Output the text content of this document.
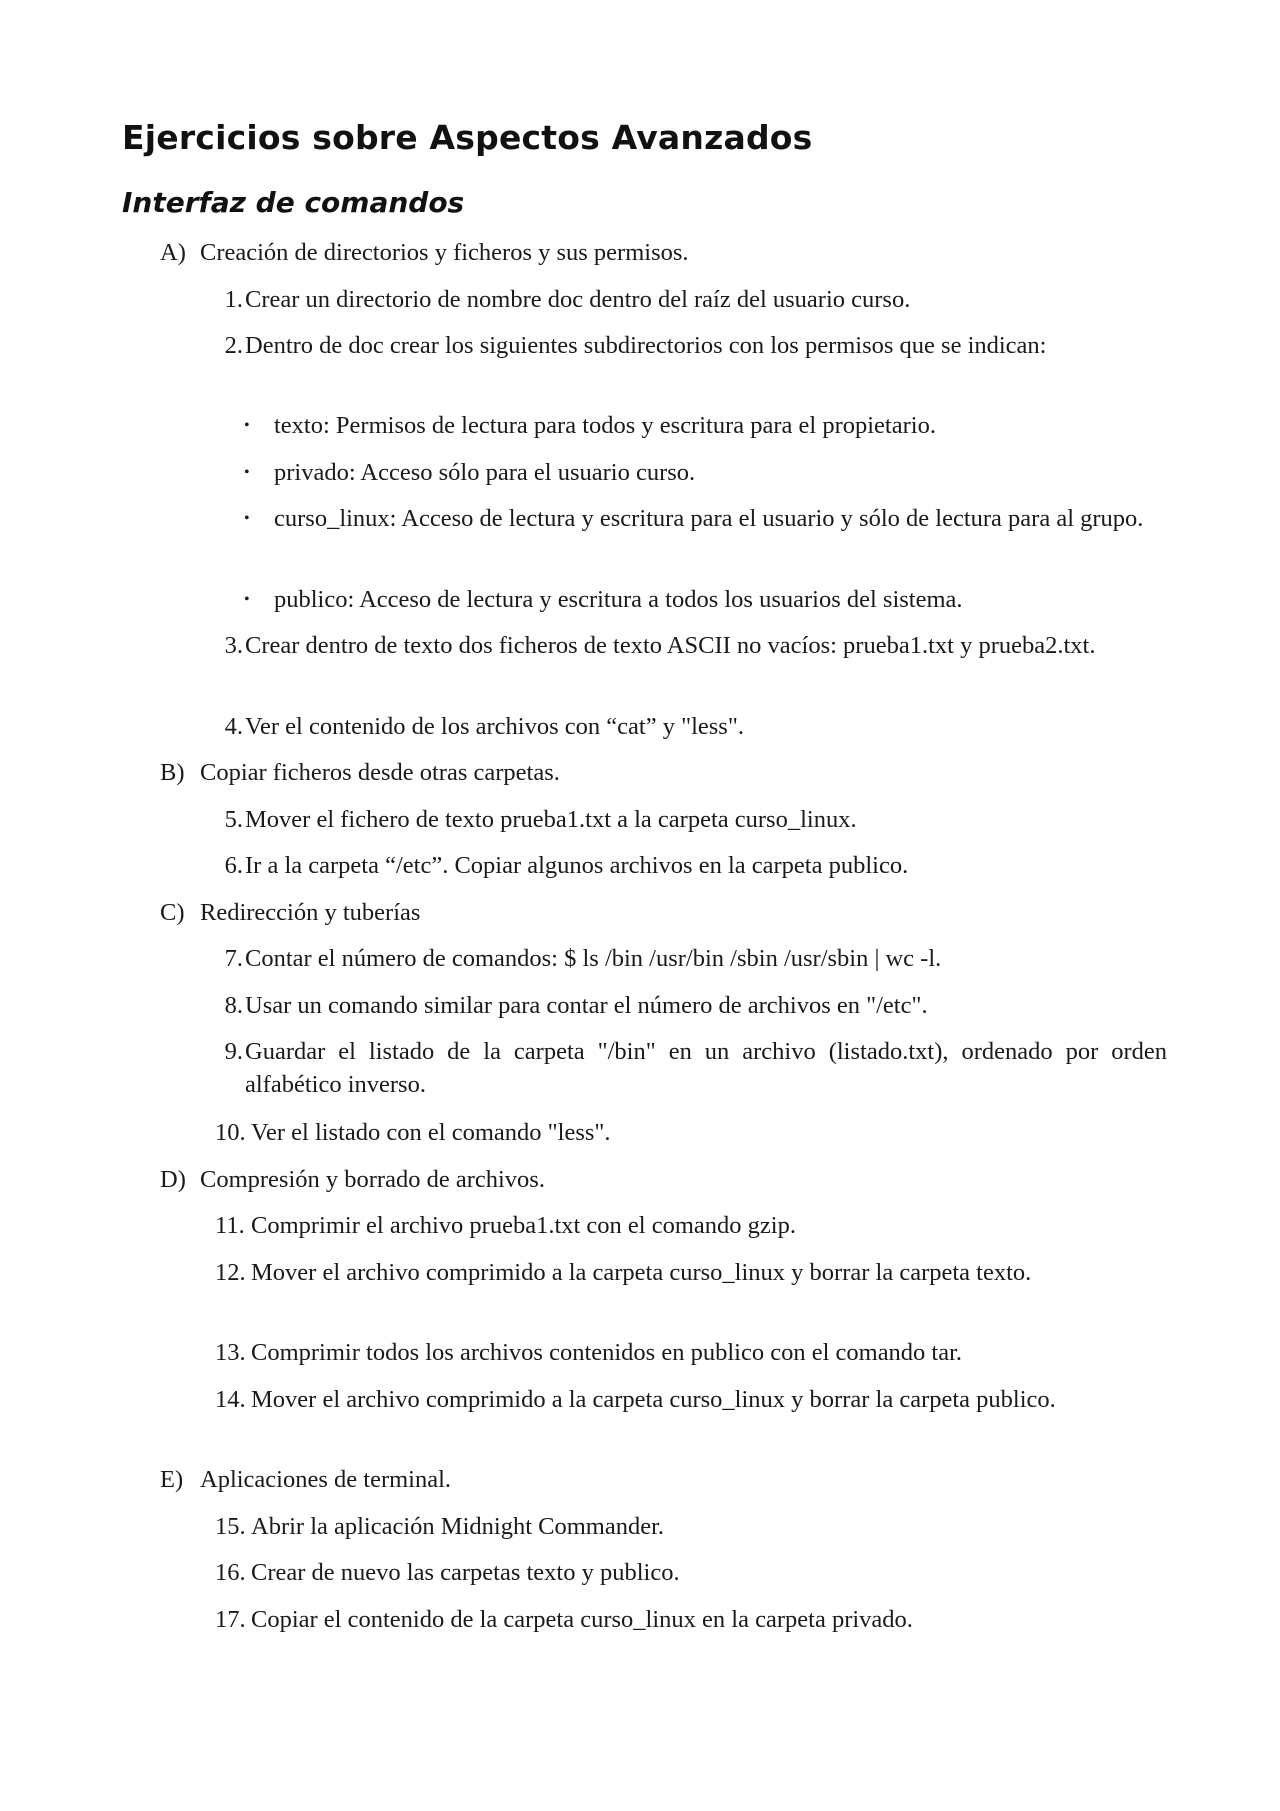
Ejercicios sobre Aspectos Avanzados
Interfaz de comandos
A) Creación de directorios y ficheros y sus permisos.
1. Crear un directorio de nombre doc dentro del raíz del usuario curso.
2. Dentro de doc crear los siguientes subdirectorios con los permisos que se indican:
• texto: Permisos de lectura para todos y escritura para el propietario.
• privado: Acceso sólo para el usuario curso.
• curso_linux: Acceso de lectura y escritura para el usuario y sólo de lectura para al grupo.
• publico: Acceso de lectura y escritura a todos los usuarios del sistema.
3. Crear dentro de texto dos ficheros de texto ASCII no vacíos: prueba1.txt y prueba2.txt.
4. Ver el contenido de los archivos con “cat” y "less".
B) Copiar ficheros desde otras carpetas.
5. Mover el fichero de texto prueba1.txt a la carpeta curso_linux.
6. Ir a la carpeta “/etc”. Copiar algunos archivos en la carpeta publico.
C) Redirección y tuberías
7. Contar el número de comandos: $ ls /bin /usr/bin /sbin /usr/sbin | wc -l.
8. Usar un comando similar para contar el número de archivos en "/etc".
9. Guardar el listado de la carpeta "/bin" en un archivo (listado.txt), ordenado por orden alfabético inverso.
10. Ver el listado con el comando "less".
D) Compresión y borrado de archivos.
11. Comprimir el archivo prueba1.txt con el comando gzip.
12. Mover el archivo comprimido a la carpeta curso_linux y borrar la carpeta texto.
13. Comprimir todos los archivos contenidos en publico con el comando tar.
14. Mover el archivo comprimido a la carpeta curso_linux y borrar la carpeta publico.
E) Aplicaciones de terminal.
15. Abrir la aplicación Midnight Commander.
16. Crear de nuevo las carpetas texto y publico.
17. Copiar el contenido de la carpeta curso_linux en la carpeta privado.
